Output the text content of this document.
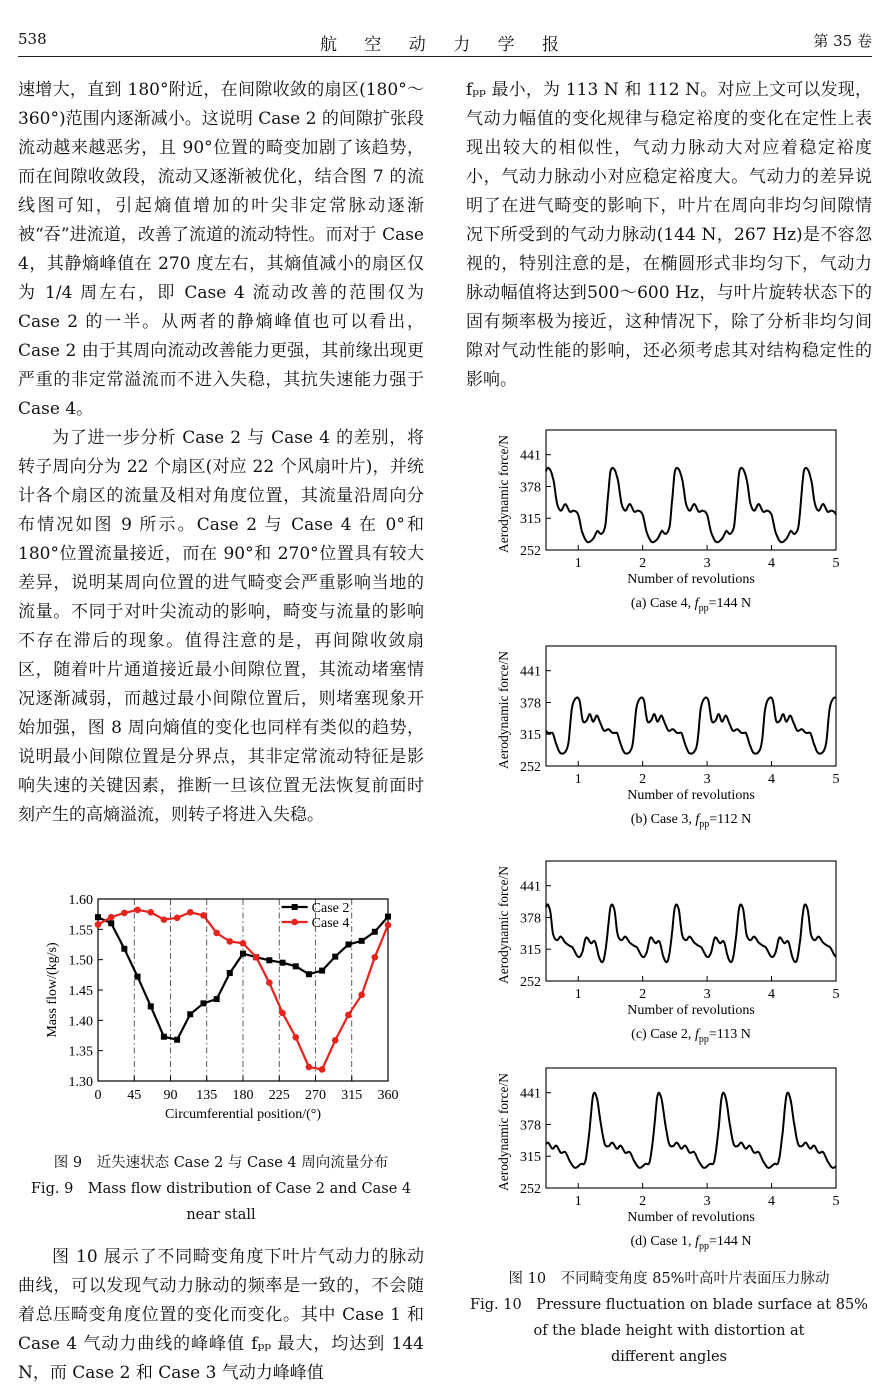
538	航 空 动 力 学 报	第 35 卷

速增大，直到 180°附近，在间隙收敛的扇区(180°～360°)范围内逐渐减小。这说明 Case 2 的间隙扩张段流动越来越恶劣，且 90°位置的畸变加剧了该趋势，而在间隙收敛段，流动又逐渐被优化，结合图 7 的流线图可知，引起熵值增加的叶尖非定常脉动逐渐被“吞”进流道，改善了流道的流动特性。而对于 Case 4，其静熵峰值在 270 度左右，其熵值减小的扇区仅为 1/4 周左右，即 Case 4 流动改善的范围仅为 Case 2 的一半。从两者的静熵峰值也可以看出，Case 2 由于其周向流动改善能力更强，其前缘出现更严重的非定常溢流而不进入失稳，其抗失速能力强于 Case 4。

为了进一步分析 Case 2 与 Case 4 的差别，将转子周向分为 22 个扇区(对应 22 个风扇叶片)，并统计各个扇区的流量及相对角度位置，其流量沿周向分布情况如图 9 所示。Case 2 与 Case 4 在 0°和 180°位置流量接近，而在 90°和 270°位置具有较大差异，说明某周向位置的进气畸变会严重影响当地的流量。不同于对叶尖流动的影响，畸变与流量的影响不存在滞后的现象。值得注意的是，再间隙收敛扇区，随着叶片通道接近最小间隙位置，其流动堵塞情况逐渐减弱，而越过最小间隙位置后，则堵塞现象开始加强，图 8 周向熵值的变化也同样有类似的趋势，说明最小间隙位置是分界点，其非定常流动特征是影响失速的关键因素，推断一旦该位置无法恢复前面时刻产生的高熵溢流，则转子将进入失稳。

1.30
1.35
1.40
1.45
1.50
1.55
1.60
0 45 90 135 180 225 270 315 360
Circumferential position/(°)
Mass flow/(kg/s)
Case 2
Case 4

图 9　近失速状态 Case 2 与 Case 4 周向流量分布

Fig. 9　Mass flow distribution of Case 2 and Case 4

near stall

图 10 展示了不同畸变角度下叶片气动力的脉动曲线，可以发现气动力脉动的频率是一致的，不会随着总压畸变角度位置的变化而变化。其中 Case 1 和 Case 4 气动力曲线的峰峰值 fₚₚ 最大，均达到 144 N，而 Case 2 和 Case 3 气动力峰峰值

fₚₚ 最小，为 113 N 和 112 N。对应上文可以发现，气动力幅值的变化规律与稳定裕度的变化在定性上表现出较大的相似性，气动力脉动大对应着稳定裕度小，气动力脉动小对应稳定裕度大。气动力的差异说明了在进气畸变的影响下，叶片在周向非均匀间隙情况下所受到的气动力脉动(144 N，267 Hz)是不容忽视的，特别注意的是，在椭圆形式非均匀下，气动力脉动幅值将达到500～600 Hz，与叶片旋转状态下的固有频率极为接近，这种情况下，除了分析非均匀间隙对气动性能的影响，还必须考虑其对结构稳定性的影响。

252
315
378
441
1	2	3	4	5
Number of revolutions
Aerodynamic force/N
(a) Case 4, $f_{pp}=144$ N
252
315
378
441
1	2	3	4	5
Number of revolutions
Aerodynamic force/N
(b) Case 3, $f_{pp}=112$ N
252
315
378
441
1	2	3	4	5
Number of revolutions
Aerodynamic force/N
(c) Case 2, $f_{pp}=113$ N
252
315
378
441
1	2	3	4	5
Number of revolutions
Aerodynamic force/N
(d) Case 1, $f_{pp}=144$ N

图 10　不同畸变角度 85%叶高叶片表面压力脉动

Fig. 10　Pressure fluctuation on blade surface at 85%

of the blade height with distortion at

different angles
